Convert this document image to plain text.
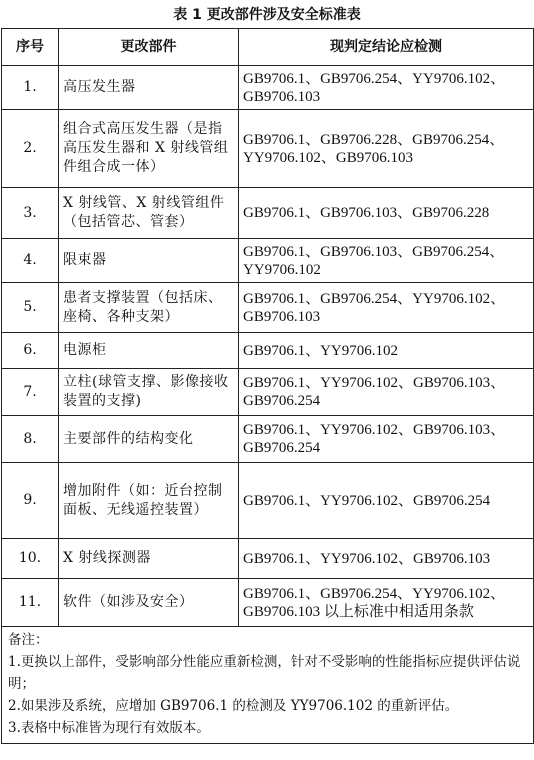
表 1 更改部件涉及安全标准表
序号	更改部件	现判定结论应检测
1.	高压发生器	GB9706.1、GB9706.254、YY9706.102、GB9706.103
2.	组合式高压发生器（是指高压发生器和 X 射线管组件组合成一体）	GB9706.1、GB9706.228、GB9706.254、YY9706.102、GB9706.103
3.	X 射线管、X 射线管组件（包括管芯、管套）	GB9706.1、GB9706.103、GB9706.228
4.	限束器	GB9706.1、GB9706.103、GB9706.254、YY9706.102
5.	患者支撑装置（包括床、座椅、各种支架）	GB9706.1、GB9706.254、YY9706.102、GB9706.103
6.	电源柜	GB9706.1、YY9706.102
7.	立柱(球管支撑、影像接收装置的支撑)	GB9706.1、YY9706.102、GB9706.103、GB9706.254
8.	主要部件的结构变化	GB9706.1、YY9706.102、GB9706.103、GB9706.254
9.	增加附件（如：近台控制面板、无线遥控装置）	GB9706.1、YY9706.102、GB9706.254
10.	X 射线探测器	GB9706.1、YY9706.102、GB9706.103
11.	软件（如涉及安全）	GB9706.1、GB9706.254、YY9706.102、GB9706.103 以上标准中相适用条款

备注：
1.更换以上部件，受影响部分性能应重新检测，针对不受影响的性能指标应提供评估说明；
2.如果涉及系统，应增加 GB9706.1 的检测及 YY9706.102 的重新评估。
3.表格中标准皆为现行有效版本。		
